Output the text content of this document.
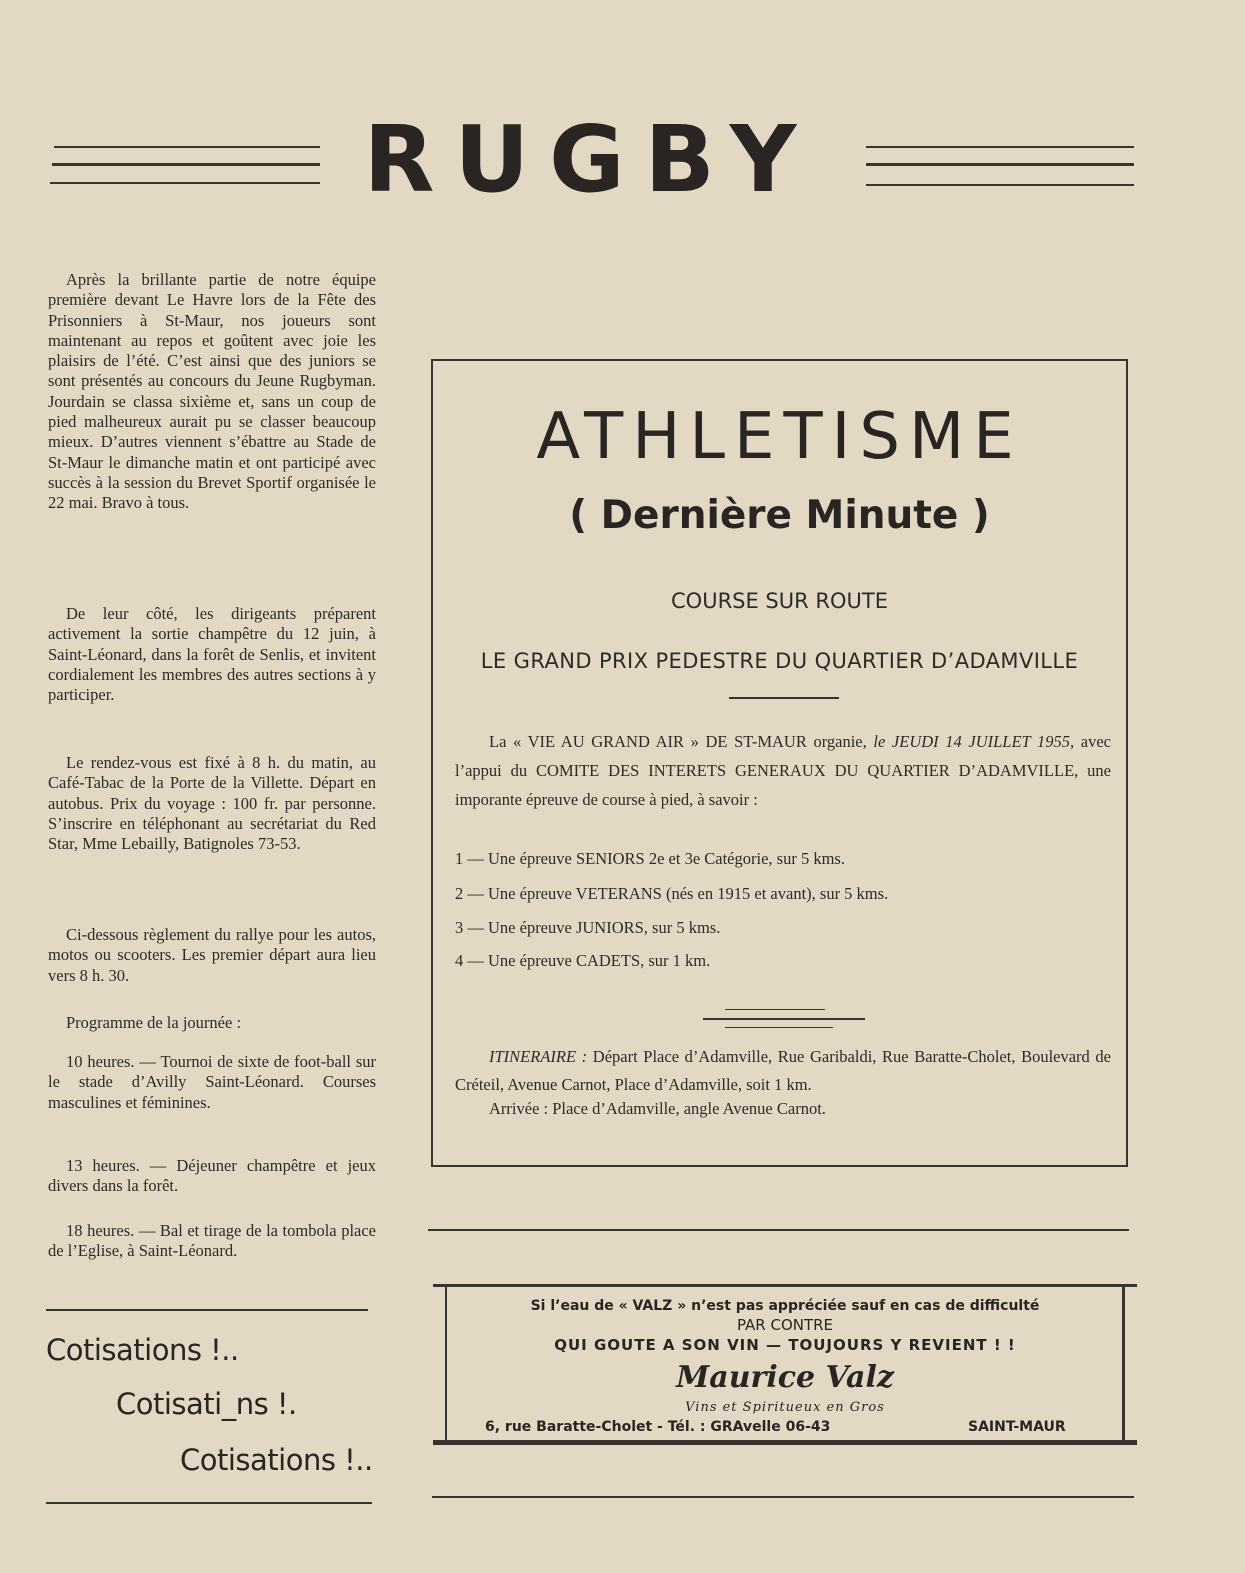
RUGBY
Après la brillante partie de notre équipe première devant Le Havre lors de la Fête des Prisonniers à St-Maur, nos joueurs sont maintenant au repos et goûtent avec joie les plaisirs de l’été. C’est ainsi que des juniors se sont présentés au concours du Jeune Rugbyman. Jourdain se classa sixième et, sans un coup de pied malheureux aurait pu se classer beaucoup mieux. D’autres viennent s’ébattre au Stade de St-Maur le dimanche matin et ont participé avec succès à la session du Brevet Sportif organisée le 22 mai. Bravo à tous.
De leur côté, les dirigeants préparent activement la sortie champêtre du 12 juin, à Saint-Léonard, dans la forêt de Senlis, et invitent cordialement les membres des autres sections à y participer.
Le rendez-vous est fixé à 8 h. du matin, au Café-Tabac de la Porte de la Villette. Départ en autobus. Prix du voyage : 100 fr. par personne. S’inscrire en téléphonant au secrétariat du Red Star, Mme Lebailly, Batignoles 73-53.
Ci-dessous règlement du rallye pour les autos, motos ou scooters. Les premier départ aura lieu vers 8 h. 30.
Programme de la journée :
10 heures. — Tournoi de sixte de foot-ball sur le stade d’Avilly Saint-Léonard. Courses masculines et féminines.
13 heures. — Déjeuner champêtre et jeux divers dans la forêt.
18 heures. — Bal et tirage de la tombola place de l’Eglise, à Saint-Léonard.
Cotisations !..
Cotisati_ns !.
Cotisations !..
ATHLETISME
( Dernière Minute )
COURSE SUR ROUTE
LE GRAND PRIX PEDESTRE DU QUARTIER D’ADAMVILLE
La « VIE AU GRAND AIR » DE ST-MAUR organie, le JEUDI 14 JUILLET 1955, avec l’appui du COMITE DES INTERETS GENERAUX DU QUARTIER D’ADAMVILLE, une imporante épreuve de course à pied, à savoir :
1 — Une épreuve SENIORS 2e et 3e Catégorie, sur 5 kms.
2 — Une épreuve VETERANS (nés en 1915 et avant), sur 5 kms.
3 — Une épreuve JUNIORS, sur 5 kms.
4 — Une épreuve CADETS, sur 1 km.
ITINERAIRE : Départ Place d’Adamville, Rue Garibaldi, Rue Baratte-Cholet, Boulevard de Créteil, Avenue Carnot, Place d’Adamville, soit 1 km.
Arrivée : Place d’Adamville, angle Avenue Carnot.
Si l’eau de « VALZ » n’est pas appréciée sauf en cas de difficulté
PAR CONTRE
QUI GOUTE A SON VIN — TOUJOURS Y REVIENT ! !
Maurice Valz
Vins et Spiritueux en Gros
6, rue Baratte-Cholet - Tél. : GRAvelle 06-43	SAINT-MAUR
